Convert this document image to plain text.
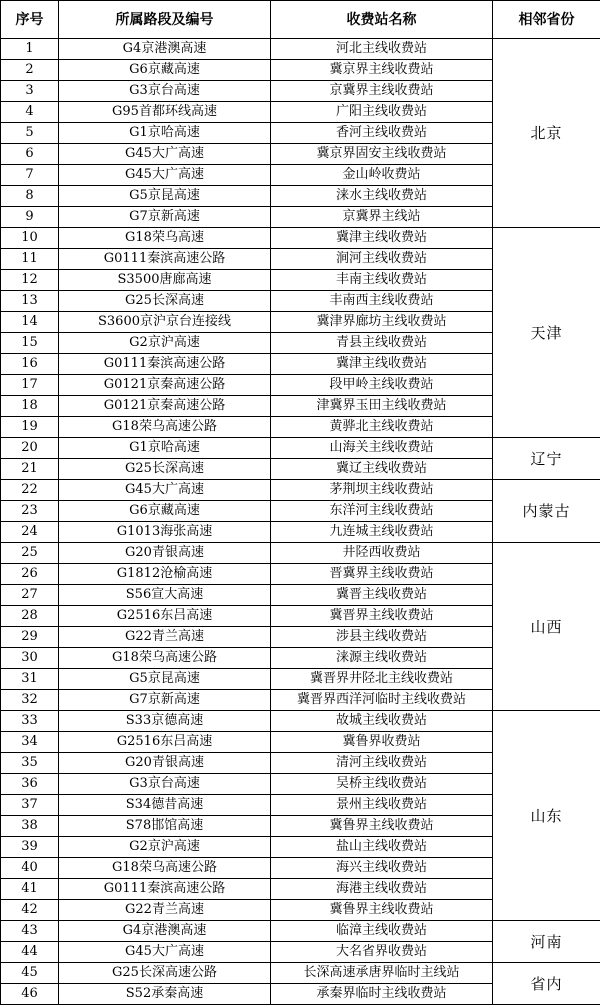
序号	所属路段及编号	收费站名称	相邻省份
1	G4京港澳高速	河北主线收费站	北京
2	G6京藏高速	冀京界主线收费站	
3	G3京台高速	京冀界主线收费站	
4	G95首都环线高速	广阳主线收费站	
5	G1京哈高速	香河主线收费站	
6	G45大广高速	冀京界固安主线收费站	
7	G45大广高速	金山岭收费站	
8	G5京昆高速	涞水主线收费站	
9	G7京新高速	京冀界主线站	
10	G18荣乌高速	冀津主线收费站	天津
11	G0111秦滨高速公路	涧河主线收费站	
12	S3500唐廊高速	丰南主线收费站	
13	G25长深高速	丰南西主线收费站	
14	S3600京沪京台连接线	冀津界廊坊主线收费站	
15	G2京沪高速	青县主线收费站	
16	G0111秦滨高速公路	冀津主线收费站	
17	G0121京秦高速公路	段甲岭主线收费站	
18	G0121京秦高速公路	津冀界玉田主线收费站	
19	G18荣乌高速公路	黄骅北主线收费站	
20	G1京哈高速	山海关主线收费站	辽宁
21	G25长深高速	冀辽主线收费站	
22	G45大广高速	茅荆坝主线收费站	内蒙古
23	G6京藏高速	东洋河主线收费站	
24	G1013海张高速	九连城主线收费站	
25	G20青银高速	井陉西收费站	山西
26	G1812沧榆高速	晋冀界主线收费站	
27	S56宣大高速	冀晋主线收费站	
28	G2516东吕高速	冀晋界主线收费站	
29	G22青兰高速	涉县主线收费站	
30	G18荣乌高速公路	涞源主线收费站	
31	G5京昆高速	冀晋界井陉北主线收费站	
32	G7京新高速	冀晋界西洋河临时主线收费站	
33	S33京德高速	故城主线收费站	山东
34	G2516东吕高速	冀鲁界收费站	
35	G20青银高速	清河主线收费站	
36	G3京台高速	吴桥主线收费站	
37	S34德昔高速	景州主线收费站	
38	S78邯馆高速	冀鲁界主线收费站	
39	G2京沪高速	盐山主线收费站	
40	G18荣乌高速公路	海兴主线收费站	
41	G0111秦滨高速公路	海港主线收费站	
42	G22青兰高速	冀鲁界主线收费站	
43	G4京港澳高速	临漳主线收费站	河南
44	G45大广高速	大名省界收费站	
45	G25长深高速公路	长深高速承唐界临时主线站	省内
46	S52承秦高速	承秦界临时主线收费站	
